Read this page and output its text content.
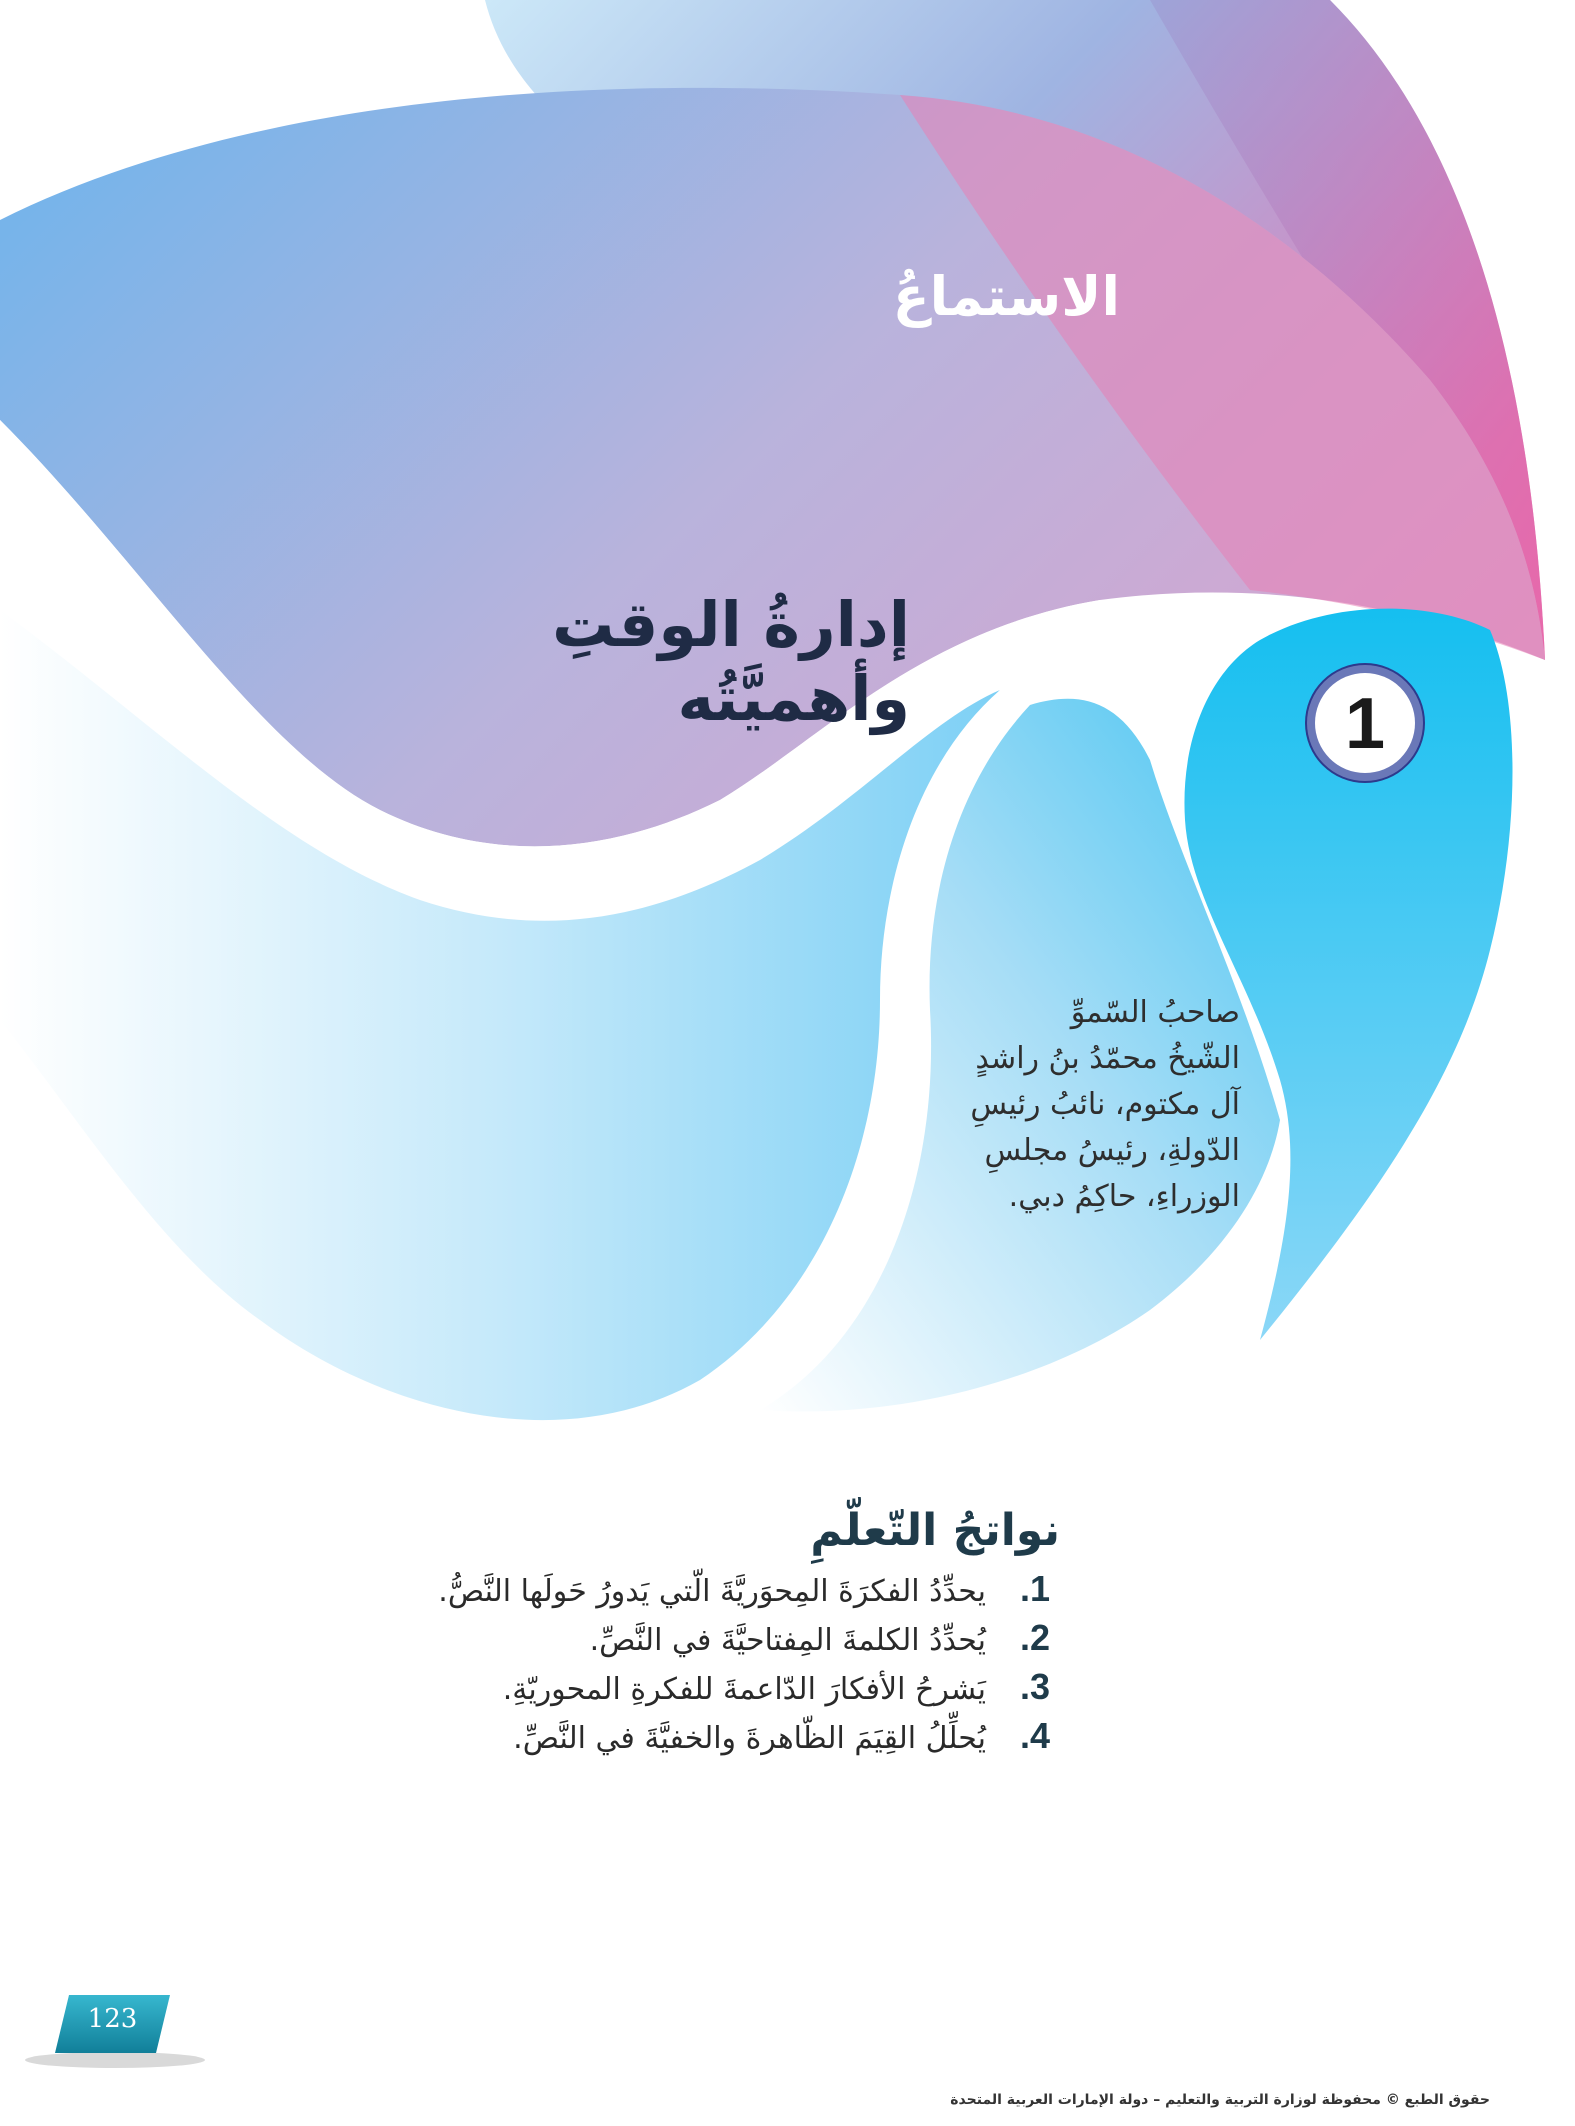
الاستماعُ
إدارةُ الوقتِ وأهميَّتُه	1
صاحبُ السّموِّ
الشّيخُ محمّدُ بنُ راشدٍ
آل مكتوم، نائبُ رئيسِ
الدّولةِ، رئيسُ مجلسِ
الوزراءِ، حاكِمُ دبي.
نواتجُ التّعلّمِ
1.
يحدِّدُ الفكرَةَ المِحوَريَّةَ الّتي يَدورُ حَولَها النَّصُّ.
2.
يُحدِّدُ الكلمةَ المِفتاحيَّةَ في النَّصِّ.
3.
يَشرحُ الأفكارَ الدّاعمةَ للفكرةِ المحوريّةِ.
4.
يُحلِّلُ القِيَمَ الظّاهرةَ والخفيَّةَ في النَّصِّ.
123
حقوق الطبع © محفوظة لوزارة التربية والتعليم – دولة الإمارات العربية المتحدة
